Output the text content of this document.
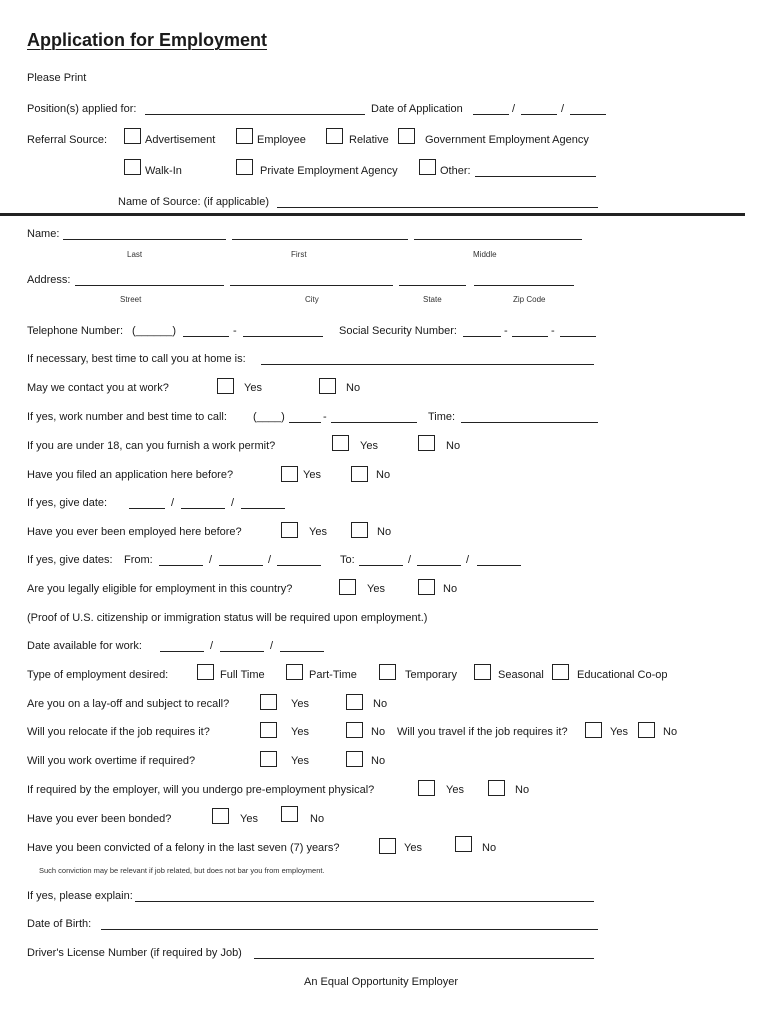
Application for Employment
Please Print
Position(s) applied for:	Date of Application	/	/
Referral Source:	Advertisement	Employee	Relative	Government Employment Agency
Walk-In	Private Employment Agency	Other:
Name of Source: (if applicable)
Name:
Last	First	Middle
Address:
Street	City	State	Zip Code
Telephone Number: (______)	-	Social Security Number:	-	-
If necessary, best time to call you at home is:
May we contact you at work?	Yes	No
If yes, work number and best time to call: (____)	-	Time:
If you are under 18, can you furnish a work permit?	Yes	No
Have you filed an application here before?	Yes	No
If yes, give date:	/	/
Have you ever been employed here before?	Yes	No
If yes, give dates: From:	/	/	To:	/	/
Are you legally eligible for employment in this country?	Yes	No
(Proof of U.S. citizenship or immigration status will be required upon employment.)
Date available for work:	/	/
Type of employment desired:	Full Time	Part-Time	Temporary	Seasonal	Educational Co-op
Are you on a lay-off and subject to recall?	Yes	No
Will you relocate if the job requires it?	Yes	No Will you travel if the job requires it?	Yes	No
Will you work overtime if required?	Yes	No
If required by the employer, will you undergo pre-employment physical?	Yes	No
Have you ever been bonded?	Yes	No
Have you been convicted of a felony in the last seven (7) years?	Yes	No
Such conviction may be relevant if job related, but does not bar you from employment.
If yes, please explain:
Date of Birth:
Driver's License Number (if required by Job)
An Equal Opportunity Employer
